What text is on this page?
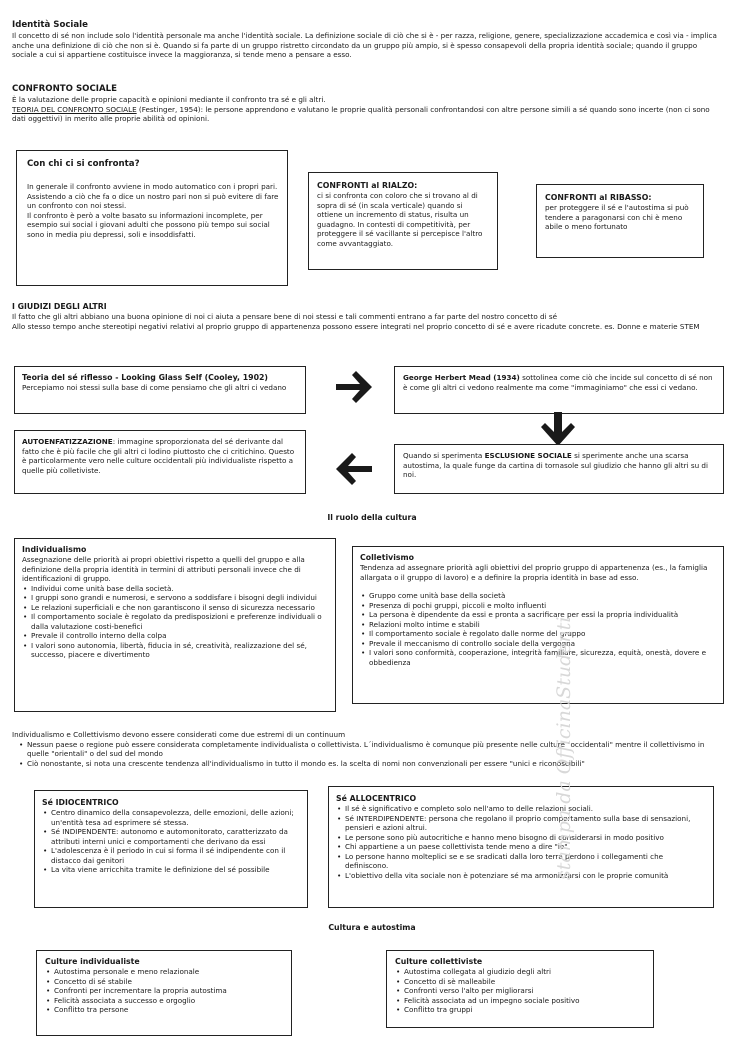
Identità Sociale

Il concetto di sé non include solo l'identità personale ma anche l'identità sociale. La definizione sociale di ciò che si è - per razza, religione, genere, specializzazione accademica e così via - implica anche una definizione di ciò che non si è. Quando si fa parte di un gruppo ristretto circondato da un gruppo più ampio, si è spesso consapevoli della propria identità sociale; quando il gruppo sociale a cui si appartiene costituisce invece la maggioranza, si tende meno a pensare a esso.

CONFRONTO SOCIALE

È la valutazione delle proprie capacità e opinioni mediante il confronto tra sé e gli altri.

TEORIA DEL CONFRONTO SOCIALE (Festinger, 1954): le persone apprendono e valutano le proprie qualità personali confrontandosi con altre persone simili a sé quando sono incerte (non ci sono dati oggettivi) in merito alle proprie abilità od opinioni.

Con chi ci si confronta?

In generale il confronto avviene in modo automatico con i propri pari.

Assistendo a ciò che fa o dice un nostro pari non si può evitere di fare un confronto con noi stessi.

Il confronto è però a volte basato su informazioni incomplete, per esempio sui social i giovani adulti che possono più tempo sui social sono in media piu depressi, soli e insoddisfatti.

CONFRONTI al RIALZO:

ci si confronta con coloro che si trovano al di sopra di sé (in scala verticale) quando si ottiene un incremento di status, risulta un guadagno. In contesti di competitività, per proteggere il sé vacillante si percepisce l'altro come avvantaggiato.

CONFRONTI al RIBASSO:

per proteggere il sé e l'autostima si può tendere a paragonarsi con chi è meno abile o meno fortunato

I GIUDIZI DEGLI ALTRI

Il fatto che gli altri abbiano una buona opinione di noi ci aiuta a pensare bene di noi stessi e tali commenti entrano a far parte del nostro concetto di sé

Allo stesso tempo anche stereotipi negativi relativi al proprio gruppo di appartenenza possono essere integrati nel proprio concetto di sé e avere ricadute concrete. es. Donne e materie STEM

Teoria del sé riflesso - Looking Glass Self (Cooley, 1902)

Percepiamo noi stessi sulla base di come pensiamo che gli altri ci vedano

George Herbert Mead (1934) sottolinea come ciò che incide sul concetto di sé non è come gli altri ci vedono realmente ma come "immaginiamo" che essi ci vedano.

AUTOENFATIZZAZIONE: immagine sproporzionata del sé derivante dal fatto che è più facile che gli altri ci lodino piuttosto che ci critichino. Questo è particolarmente vero nelle culture occidentali più individualiste rispetto a quelle più colletiviste.

Quando si sperimenta ESCLUSIONE SOCIALE si sperimente anche una scarsa autostima, la quale funge da cartina di tornasole sul giudizio che hanno gli altri su di noi.

Il ruolo della cultura

Individualismo

Assegnazione delle priorità ai propri obiettivi rispetto a quelli del gruppo e alla definizione della propria identità in termini di attributi personali invece che di identificazioni di gruppo.

• Individui come unità base della società.
• I gruppi sono grandi e numerosi, e servono a soddisfare i bisogni degli individui
• Le relazioni superficiali e che non garantiscono il senso di sicurezza necessario
• Il comportamento sociale è regolato da predisposizioni e preferenze individuali o dalla valutazione costi-benefici
• Prevale il controllo interno della colpa
• I valori sono autonomia, libertà, fiducia in sé, creatività, realizzazione del sé, successo, piacere e divertimento

Colletivismo

Tendenza ad assegnare priorità agli obiettivi del proprio gruppo di appartenenza (es., la famiglia allargata o il gruppo di lavoro) e a definire la propria identità in base ad esso.

• Gruppo come unità base della società
• Presenza di pochi gruppi, piccoli e molto influenti
• La persona è dipendente da essi e pronta a sacrificare per essi la propria individualità
• Relazioni molto intime e stabili
• Il comportamento sociale è regolato dalle norme del gruppo
• Prevale il meccanismo di controllo sociale della vergogna
• I valori sono conformità, cooperazione, integrità familiare, sicurezza, equità, onestà, dovere e obbedienza

Individualismo e Collettivismo devono essere considerati come due estremi di un continuum

• Nessun paese o regione può essere considerata completamente individualista o collettivista. L´individualismo è comunque più presente nelle culture "occidentali" mentre il collettivismo in quelle "orientali" o del sud del mondo
• Ciò nonostante, si nota una crescente tendenza all'individualismo in tutto il mondo es. la scelta di nomi non convenzionali per essere "unici e riconoscibili"

Sé IDIOCENTRICO

• Centro dinamico della consapevolezza, delle emozioni, delle azioni; un'entità tesa ad esprimere sé stessa.
• Sé INDIPENDENTE: autonomo e automonitorato, caratterizzato da attributi interni unici e comportamenti che derivano da essi
• L'adolescenza è il periodo in cui si forma il sé indipendente con il distacco dai genitori
• La vita viene arricchita tramite le definizione del sé possibile

Sé ALLOCENTRICO

• Il sé è significativo e completo solo nell'amo to delle relazioni sociali.
• Sé INTERDIPENDENTE: persona che regolano il proprio comportamento sulla base di sensazioni, pensieri e azioni altrui.
• Le persone sono più autocritiche e hanno meno bisogno di considerarsi in modo positivo
• Chi appartiene a un paese collettivista tende meno a dire "io"
• Lo persone hanno molteplici se e se sradicati dalla loro terra perdono i collegamenti che definiscono.
• L'obiettivo della vita sociale non è potenziare sé ma armonizzarsi con le proprie comunità
Cultura e autostima

Culture individualiste

• Autostima personale e meno relazionale
• Concetto di sé stabile
• Confronti per incrementare la propria autostima
• Felicità associata a successo e orgoglio
• Conflitto tra persone

Culture collettiviste

• Autostima collegata al giudizio degli altri
• Concetto di sè malleabile
• Confronti verso l'alto per migliorarsi
• Felicità associata ad un impegno sociale positivo
• Conflitto tra gruppi
stampa da OfficinaStudenti
